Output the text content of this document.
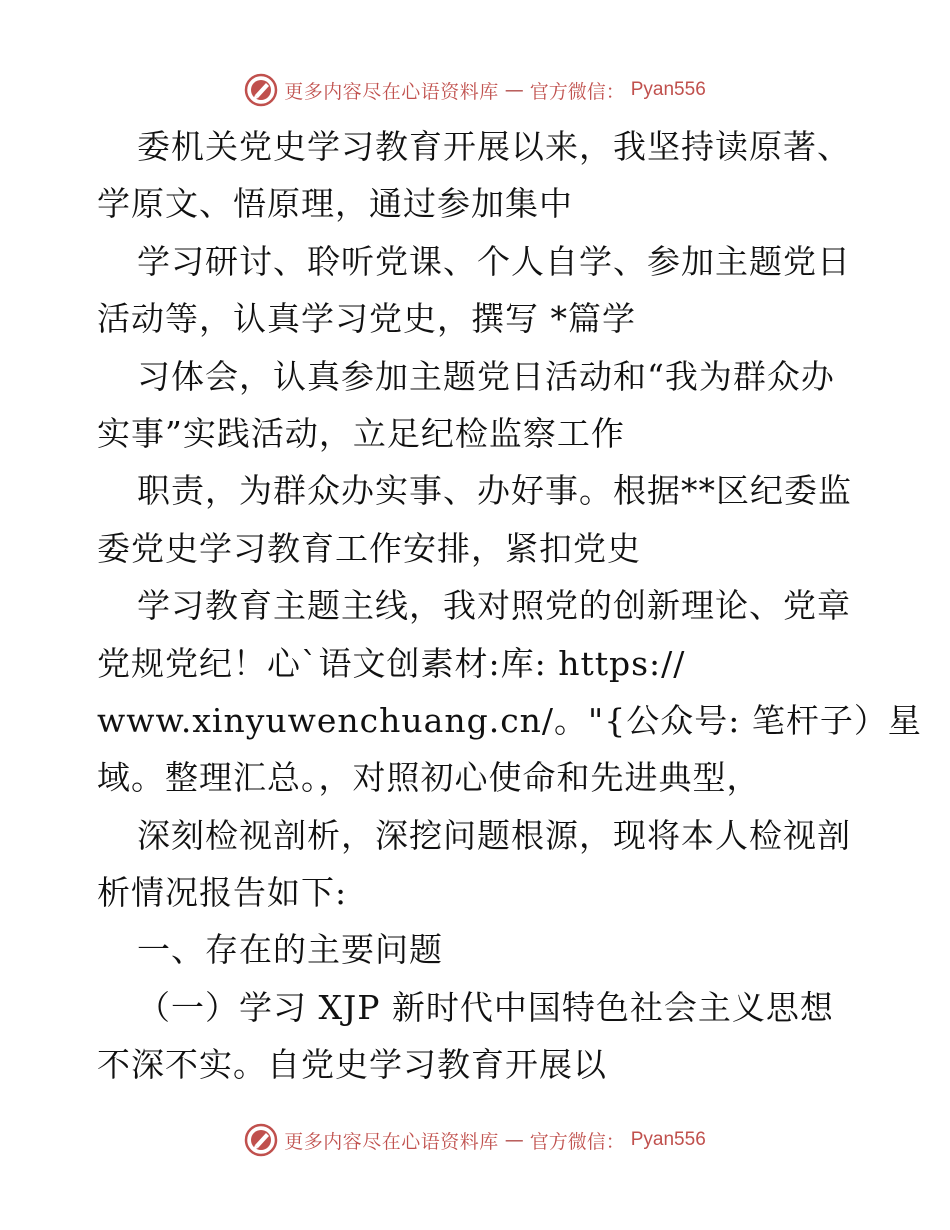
更多内容尽在心语资料库 — 官方微信： Pyan556
委机关党史学习教育开展以来，我坚持读原著、
学原文、悟原理，通过参加集中
学习研讨、聆听党课、个人自学、参加主题党日
活动等，认真学习党史，撰写 *篇学
习体会，认真参加主题党日活动和“我为群众办
实事”实践活动，立足纪检监察工作
职责，为群众办实事、办好事。根据**区纪委监
委党史学习教育工作安排，紧扣党史
学习教育主题主线，我对照党的创新理论、党章
党规党纪！心`语文创素材:库: https://
www.xinyuwenchuang.cn/。"{公众号: 笔杆子）星
域。整理汇总。，对照初心使命和先进典型，
深刻检视剖析，深挖问题根源，现将本人检视剖
析情况报告如下:
一、存在的主要问题
（一）学习 XJP 新时代中国特色社会主义思想
不深不实。自党史学习教育开展以
更多内容尽在心语资料库 — 官方微信： Pyan556
